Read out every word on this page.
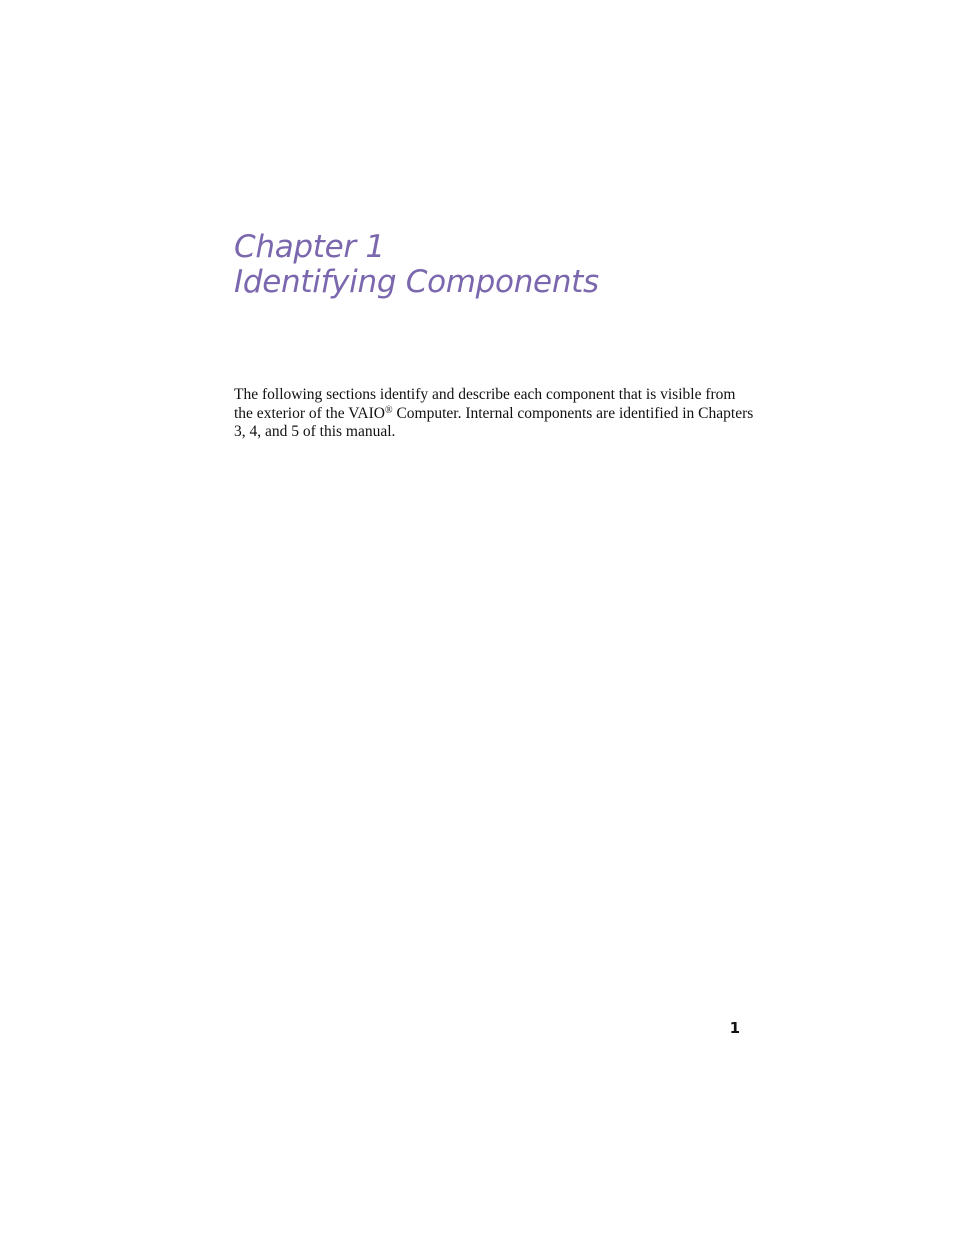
Chapter 1
Identifying Components

The following sections identify and describe each component that is visible from the exterior of the VAIO® Computer. Internal components are identified in Chapters 3, 4, and 5 of this manual.

1
